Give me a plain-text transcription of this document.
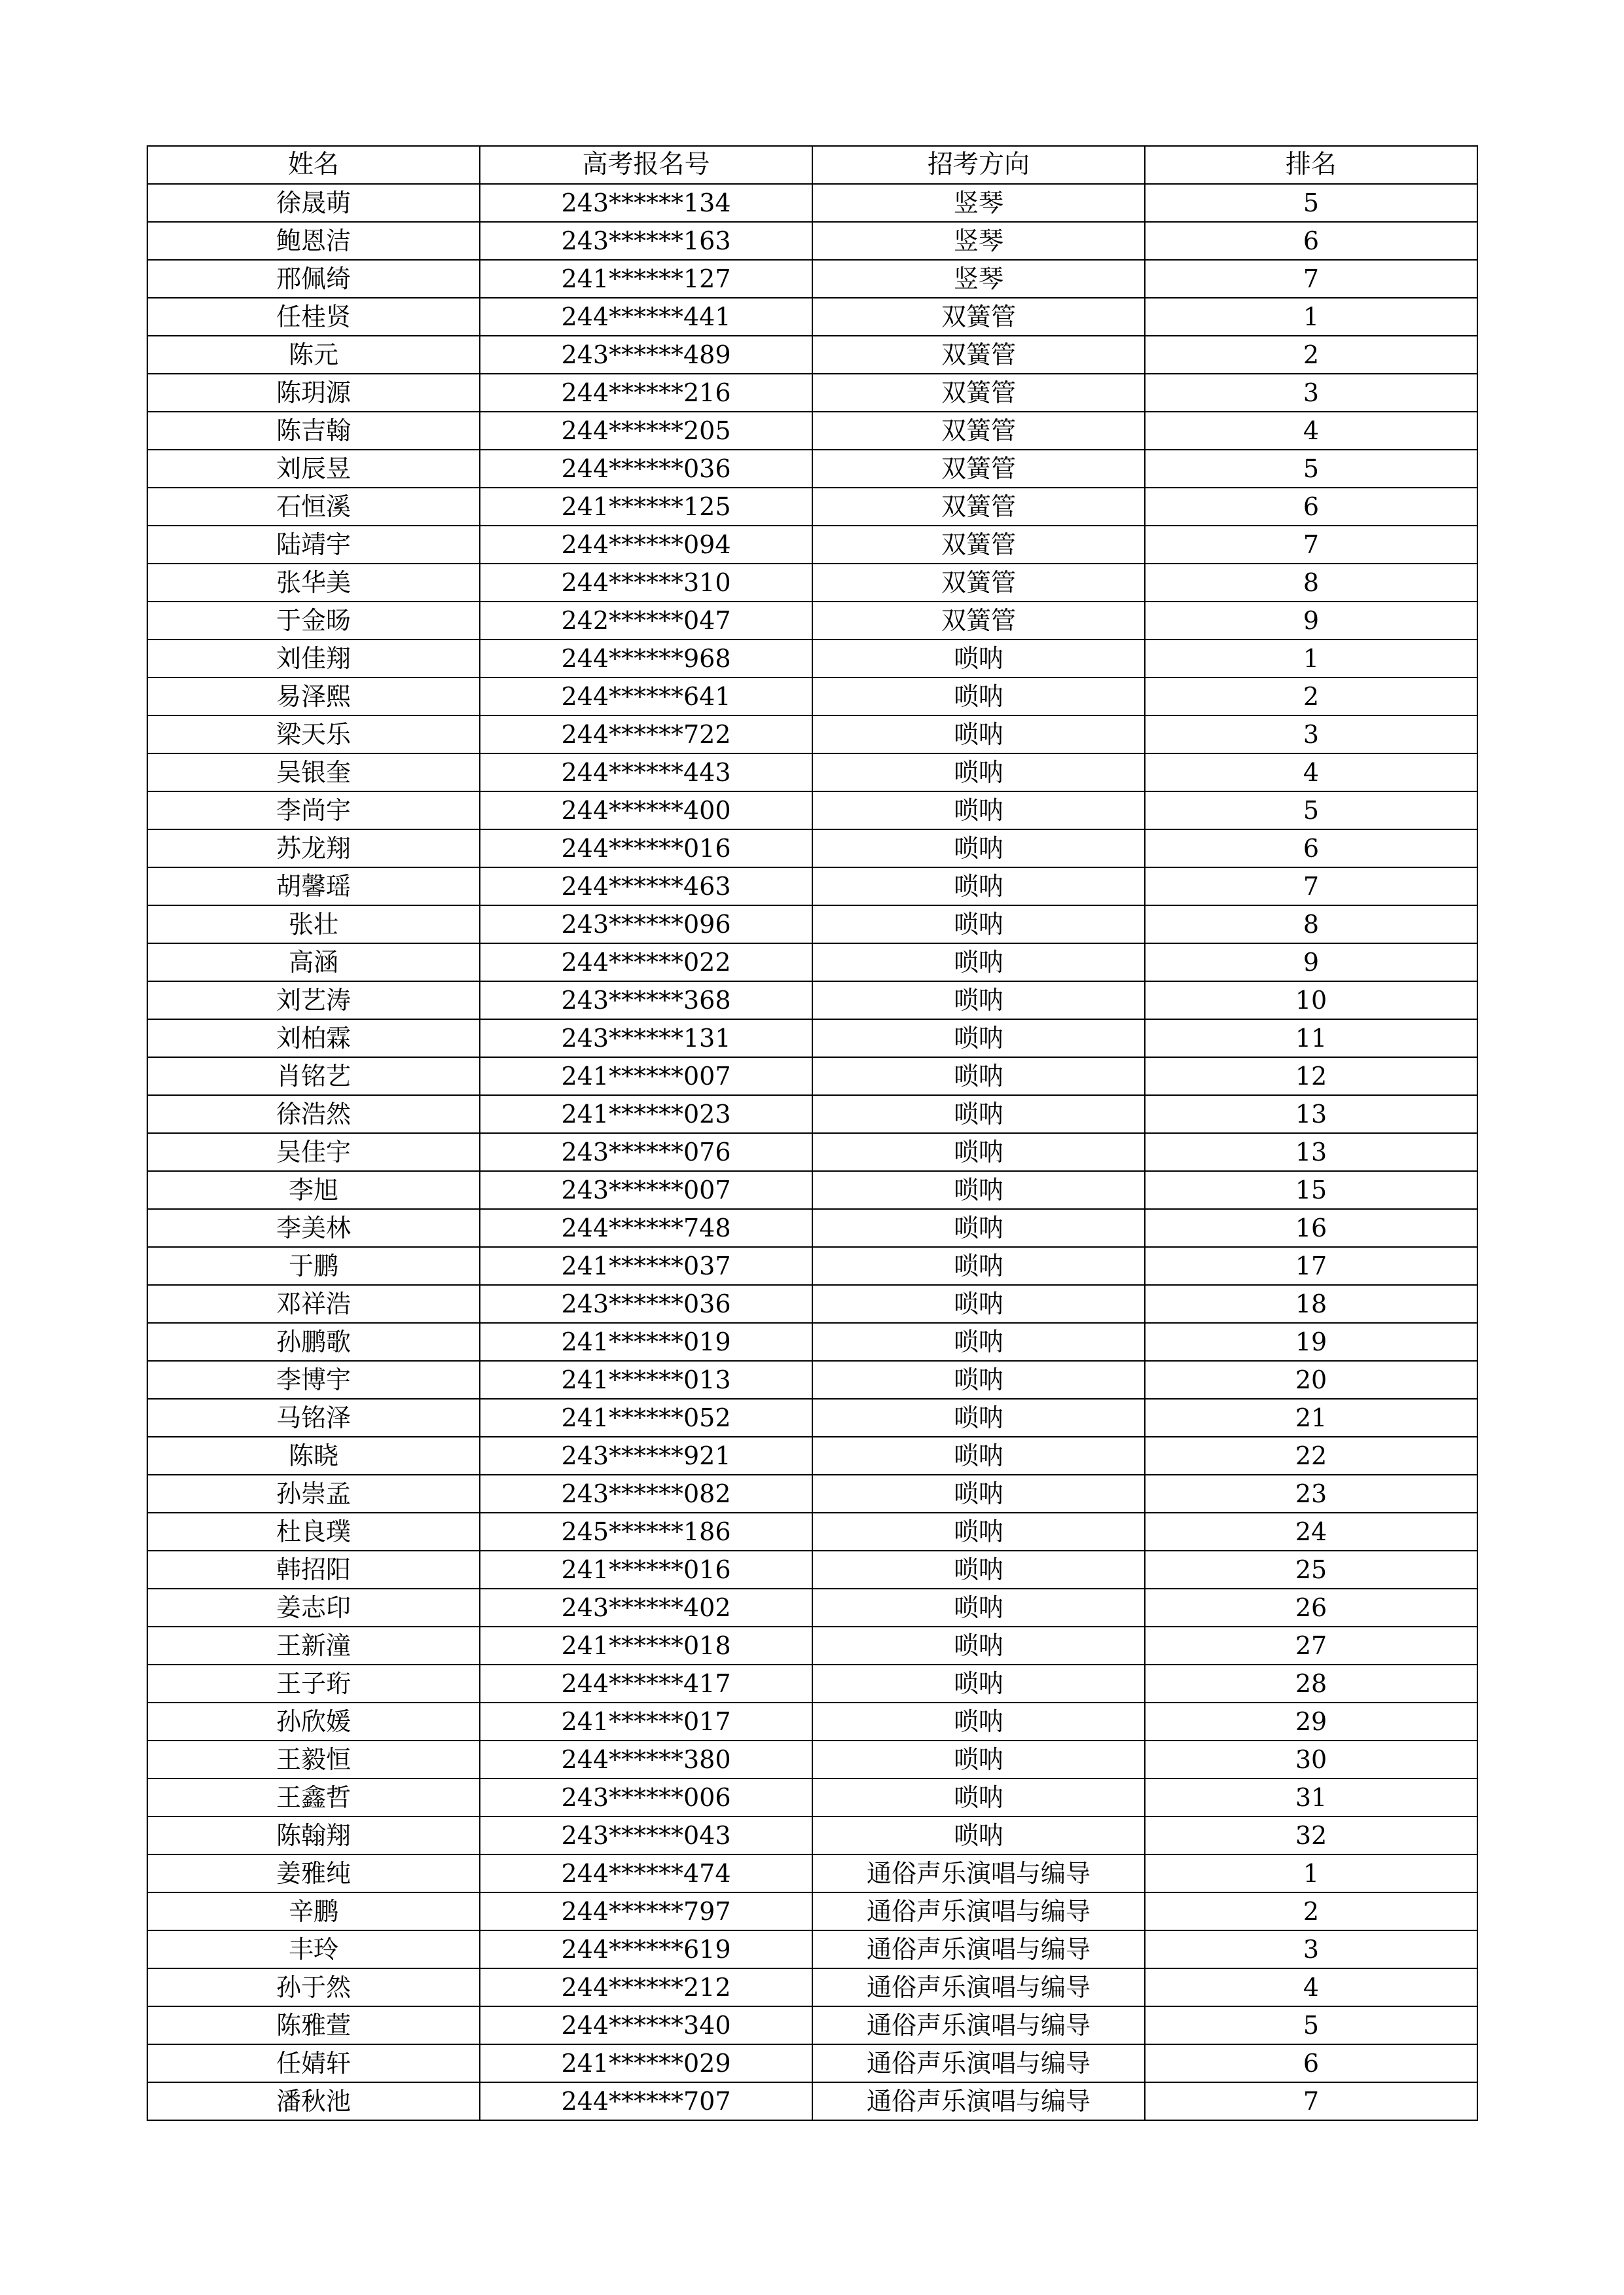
姓名	高考报名号	招考方向	排名
徐晟萌	243******134	竖琴	5
鲍恩洁	243******163	竖琴	6
邢佩绮	241******127	竖琴	7
任桂贤	244******441	双簧管	1
陈元	243******489	双簧管	2
陈玥源	244******216	双簧管	3
陈吉翰	244******205	双簧管	4
刘辰昱	244******036	双簧管	5
石恒溪	241******125	双簧管	6
陆靖宇	244******094	双簧管	7
张华美	244******310	双簧管	8
于金旸	242******047	双簧管	9
刘佳翔	244******968	唢呐	1
易泽熙	244******641	唢呐	2
梁天乐	244******722	唢呐	3
吴银奎	244******443	唢呐	4
李尚宇	244******400	唢呐	5
苏龙翔	244******016	唢呐	6
胡馨瑶	244******463	唢呐	7
张壮	243******096	唢呐	8
高涵	244******022	唢呐	9
刘艺涛	243******368	唢呐	10
刘柏霖	243******131	唢呐	11
肖铭艺	241******007	唢呐	12
徐浩然	241******023	唢呐	13
吴佳宇	243******076	唢呐	13
李旭	243******007	唢呐	15
李美林	244******748	唢呐	16
于鹏	241******037	唢呐	17
邓祥浩	243******036	唢呐	18
孙鹏歌	241******019	唢呐	19
李博宇	241******013	唢呐	20
马铭泽	241******052	唢呐	21
陈晓	243******921	唢呐	22
孙崇孟	243******082	唢呐	23
杜良璞	245******186	唢呐	24
韩招阳	241******016	唢呐	25
姜志印	243******402	唢呐	26
王新潼	241******018	唢呐	27
王子珩	244******417	唢呐	28
孙欣媛	241******017	唢呐	29
王毅恒	244******380	唢呐	30
王鑫哲	243******006	唢呐	31
陈翰翔	243******043	唢呐	32
姜雅纯	244******474	通俗声乐演唱与编导	1
辛鹏	244******797	通俗声乐演唱与编导	2
丰玲	244******619	通俗声乐演唱与编导	3
孙于然	244******212	通俗声乐演唱与编导	4
陈雅萱	244******340	通俗声乐演唱与编导	5
任婧轩	241******029	通俗声乐演唱与编导	6
潘秋池	244******707	通俗声乐演唱与编导	7
